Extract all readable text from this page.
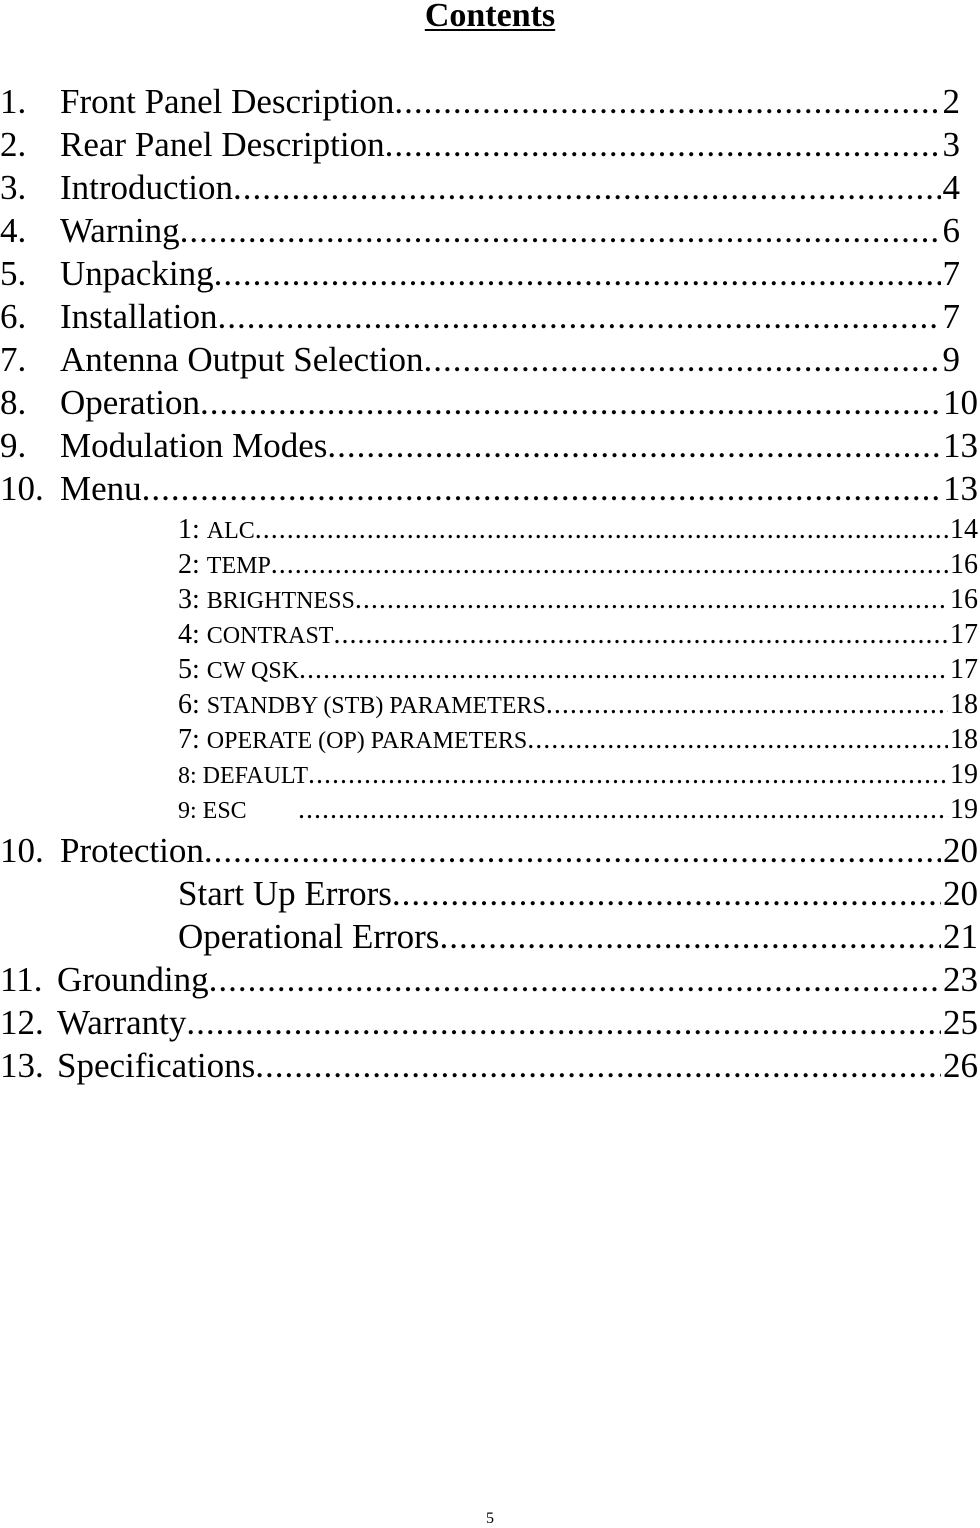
Contents
1. Front Panel Description .....	2
2. Rear Panel Description .....	3
3. Introduction .....	4
4. Warning .....	6
5. Unpacking .....	7
6. Installation .....	7
7. Antenna Output Selection .....	9
8. Operation .....	10
9. Modulation Modes .....	13
10. Menu .....	13
1: ALC .....	14
2: TEMP .....	16
3: BRIGHTNESS .....	16
4: CONTRAST .....	17
5: CW QSK .....	17
6: STANDBY (STB) PARAMETERS .....	18
7: OPERATE (OP) PARAMETERS .....	18
8: DEFAULT .....	19
9: ESC .....	19
10. Protection .....	20
Start Up Errors .....	20
Operational Errors .....	21
11. Grounding .....	23
12. Warranty .....	25
13. Specifications .....	26
5
